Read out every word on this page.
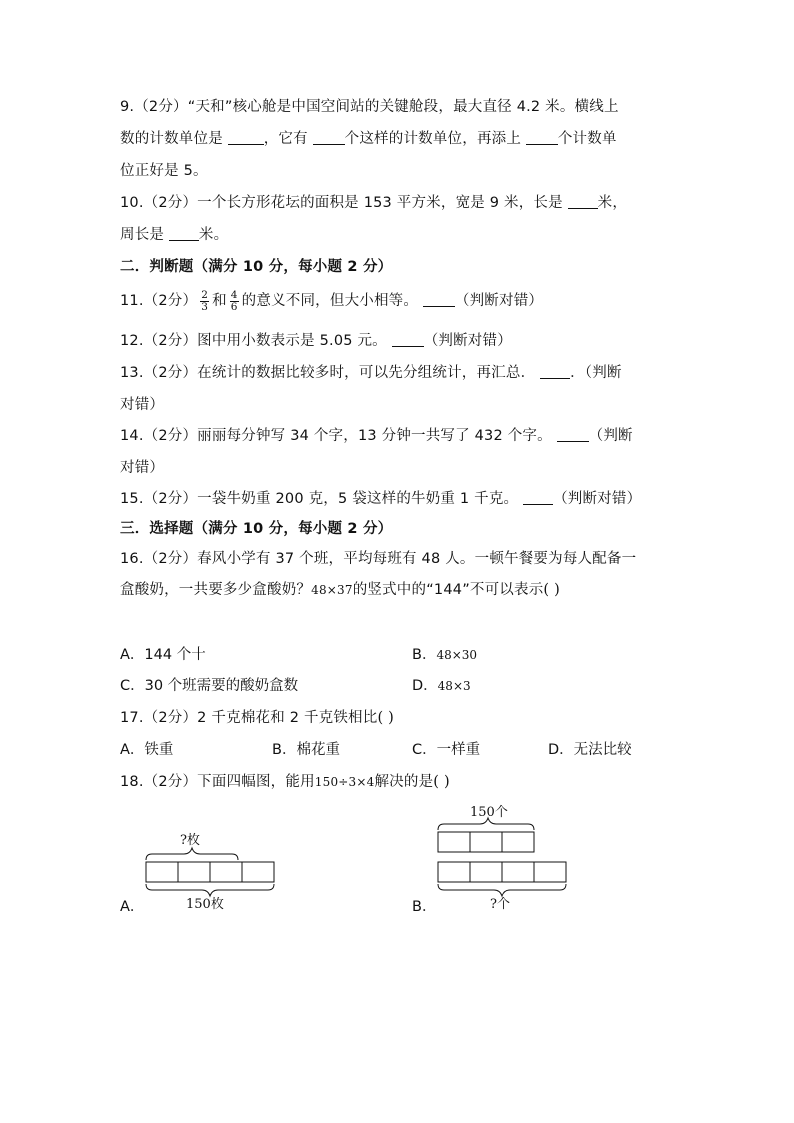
9.（2分）“天和”核心舱是中国空间站的关键舱段，最大直径 4.2 米。横线上
数的计数单位是 ，它有 个这样的计数单位，再添上 个计数单
位正好是 5。
10.（2分）一个长方形花坛的面积是 153 平方米，宽是 9 米，长是 米，
周长是 米。
二．判断题（满分 10 分，每小题 2 分）
11.（2分） $\frac{2}{3}$ 和 $\frac{4}{6}$ 的意义不同，但大小相等。 （判断对错）
12.（2分）图中用小数表示是 5.05 元。 （判断对错）
13.（2分）在统计的数据比较多时，可以先分组统计，再汇总． ．（判断
对错）
14.（2分）丽丽每分钟写 34 个字，13 分钟一共写了 432 个字。 （判断
对错）
15.（2分）一袋牛奶重 200 克，5 袋这样的牛奶重 1 千克。 （判断对错）
三．选择题（满分 10 分，每小题 2 分）
16.（2分）春风小学有 37 个班，平均每班有 48 人。一顿午餐要为每人配备一
盒酸奶，一共要多少盒酸奶？48×37的竖式中的“144”不可以表示( )
A．144 个十	B．48×30
C．30 个班需要的酸奶盒数	D．48×3
17.（2分）2 千克棉花和 2 千克铁相比( )
A．铁重	B．棉花重	C．一样重	D．无法比较
18.（2分）下面四幅图，能用150÷3×4解决的是( )
A．
?枚
150枚	B．
150个
?个
